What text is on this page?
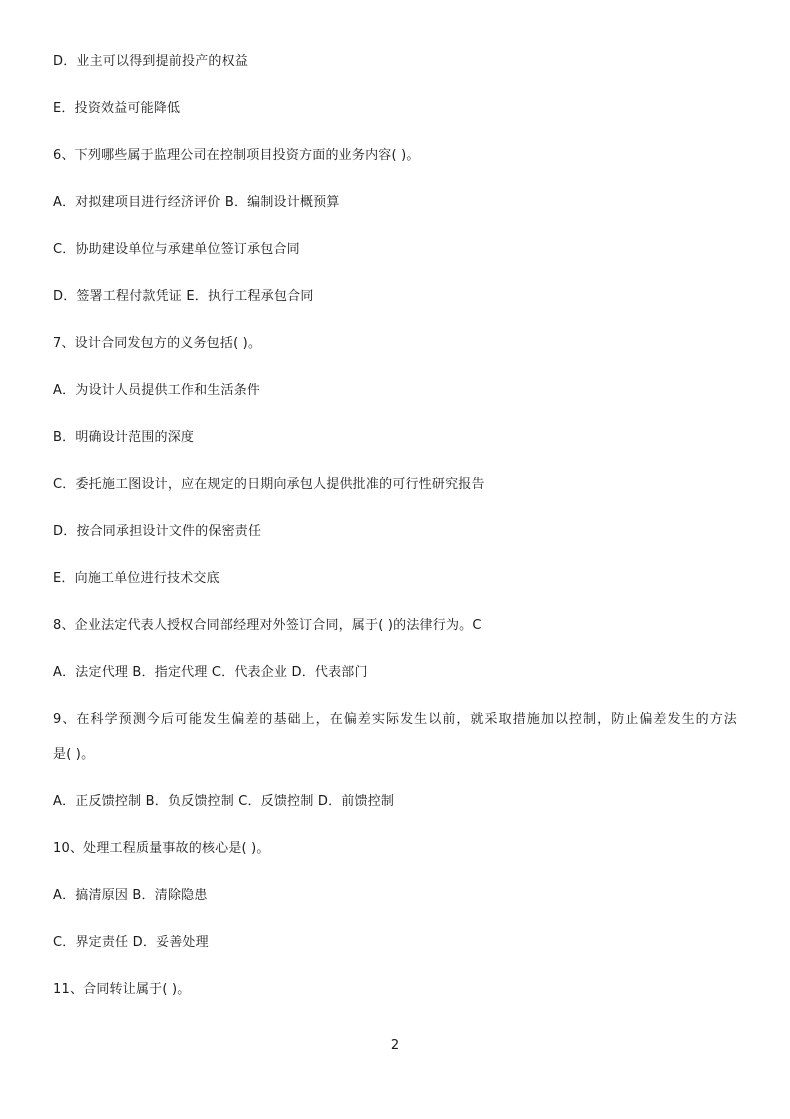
D．业主可以得到提前投产的权益
E．投资效益可能降低
6、下列哪些属于监理公司在控制项目投资方面的业务内容( )。
A．对拟建项目进行经济评价 B．编制设计概预算
C．协助建设单位与承建单位签订承包合同
D．签署工程付款凭证 E．执行工程承包合同
7、设计合同发包方的义务包括( )。
A．为设计人员提供工作和生活条件
B．明确设计范围的深度
C．委托施工图设计，应在规定的日期向承包人提供批准的可行性研究报告
D．按合同承担设计文件的保密责任
E．向施工单位进行技术交底
8、企业法定代表人授权合同部经理对外签订合同，属于( )的法律行为。C
A．法定代理 B．指定代理 C．代表企业 D．代表部门
9、在科学预测今后可能发生偏差的基础上，在偏差实际发生以前，就采取措施加以控制，防止偏差发生的方法
是( )。
A．正反馈控制 B．负反馈控制 C．反馈控制 D．前馈控制
10、处理工程质量事故的核心是( )。
A．搞清原因 B．清除隐患
C．界定责任 D．妥善处理
11、合同转让属于( )。
2
